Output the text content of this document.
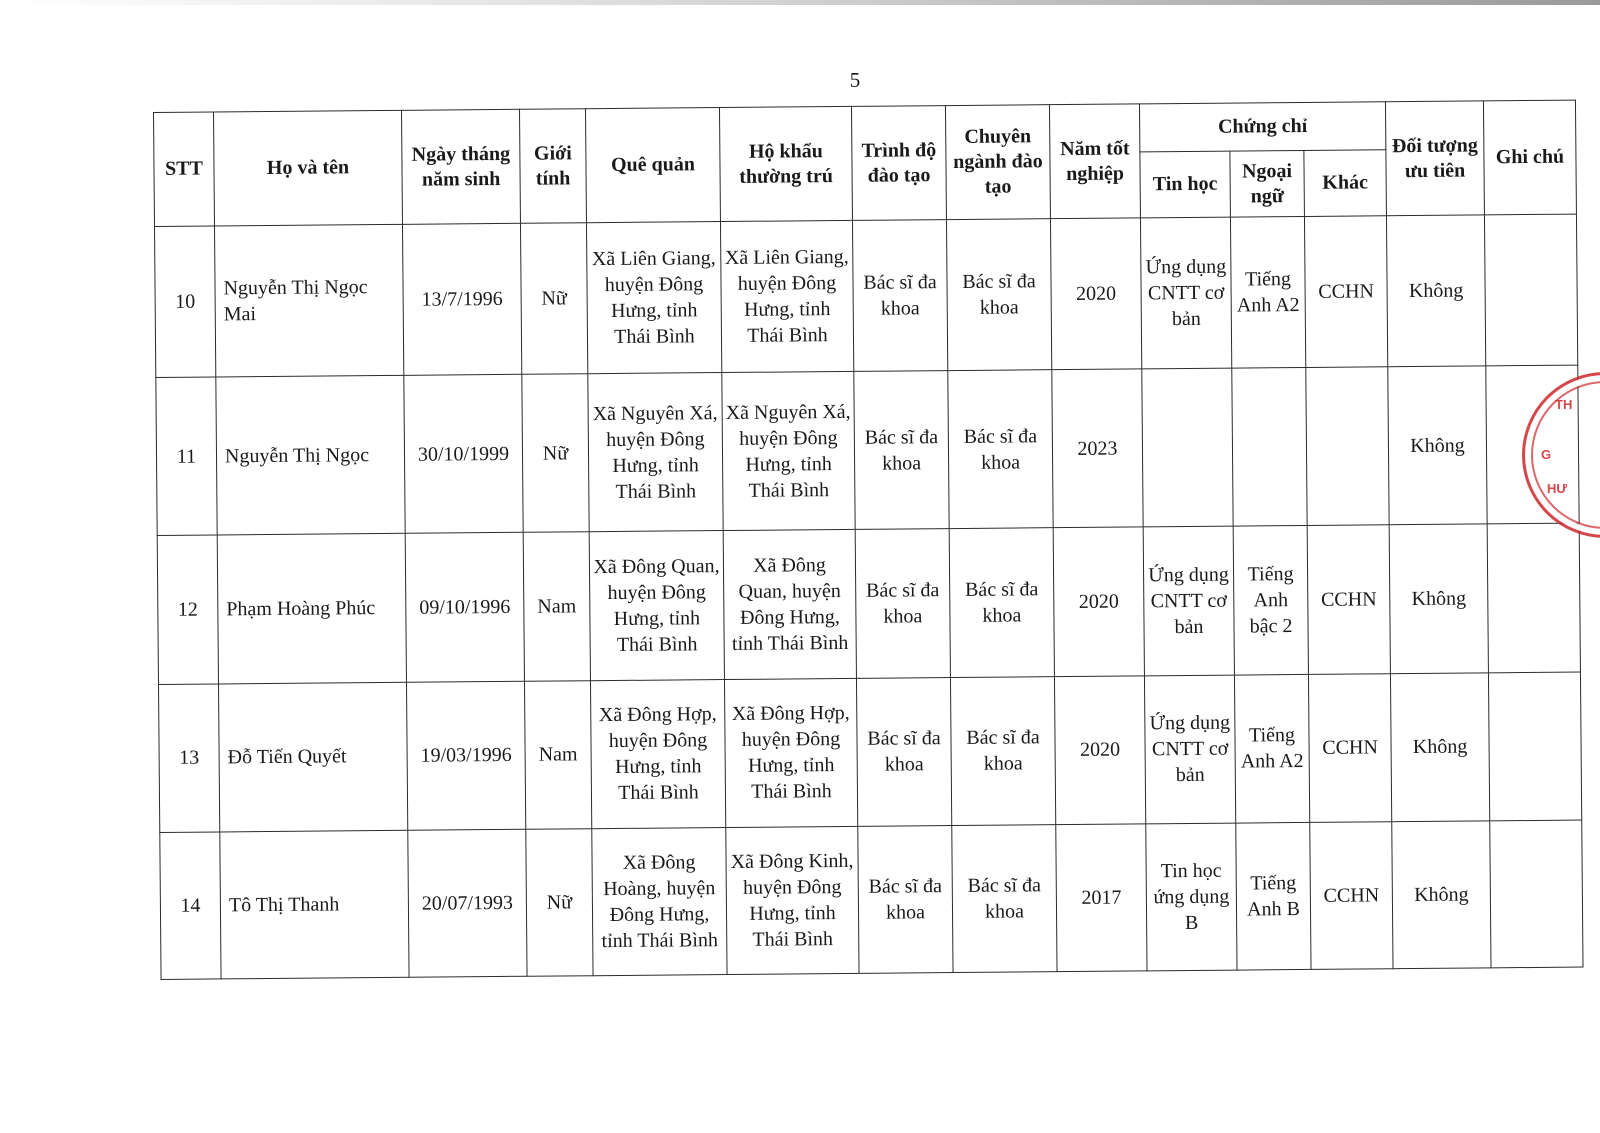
5
STT	Họ và tên	Ngày tháng năm sinh	Giới tính	Quê quản	Hộ khẩu thường trú	Trình độ đào tạo	Chuyên ngành đào tạo	Năm tốt nghiệp	Chứng chỉ			Đối tượng ưu tiên	Ghi chú
									Tin học	Ngoại ngữ	Khác		
10	Nguyễn Thị Ngọc Mai	13/7/1996	Nữ	Xã Liên Giang, huyện Đông Hưng, tỉnh Thái Bình	Xã Liên Giang, huyện Đông Hưng, tỉnh Thái Bình	Bác sĩ đa khoa	Bác sĩ đa khoa	2020	Ứng dụng CNTT cơ bản	Tiếng Anh A2	CCHN	Không	
11	Nguyễn Thị Ngọc	30/10/1999	Nữ	Xã Nguyên Xá, huyện Đông Hưng, tỉnh Thái Bình	Xã Nguyên Xá, huyện Đông Hưng, tỉnh Thái Bình	Bác sĩ đa khoa	Bác sĩ đa khoa	2023				Không	
12	Phạm Hoàng Phúc	09/10/1996	Nam	Xã Đông Quan, huyện Đông Hưng, tỉnh Thái Bình	Xã Đông Quan, huyện Đông Hưng, tỉnh Thái Bình	Bác sĩ đa khoa	Bác sĩ đa khoa	2020	Ứng dụng CNTT cơ bản	Tiếng Anh bậc 2	CCHN	Không	
13	Đỗ Tiến Quyết	19/03/1996	Nam	Xã Đông Hợp, huyện Đông Hưng, tỉnh Thái Bình	Xã Đông Hợp, huyện Đông Hưng, tỉnh Thái Bình	Bác sĩ đa khoa	Bác sĩ đa khoa	2020	Ứng dụng CNTT cơ bản	Tiếng Anh A2	CCHN	Không	
14	Tô Thị Thanh	20/07/1993	Nữ	Xã Đông Hoàng, huyện Đông Hưng, tỉnh Thái Bình	Xã Đông Kinh, huyện Đông Hưng, tỉnh Thái Bình	Bác sĩ đa khoa	Bác sĩ đa khoa	2017	Tin học ứng dụng B	Tiếng Anh B	CCHN	Không	
TH
G
HƯ
